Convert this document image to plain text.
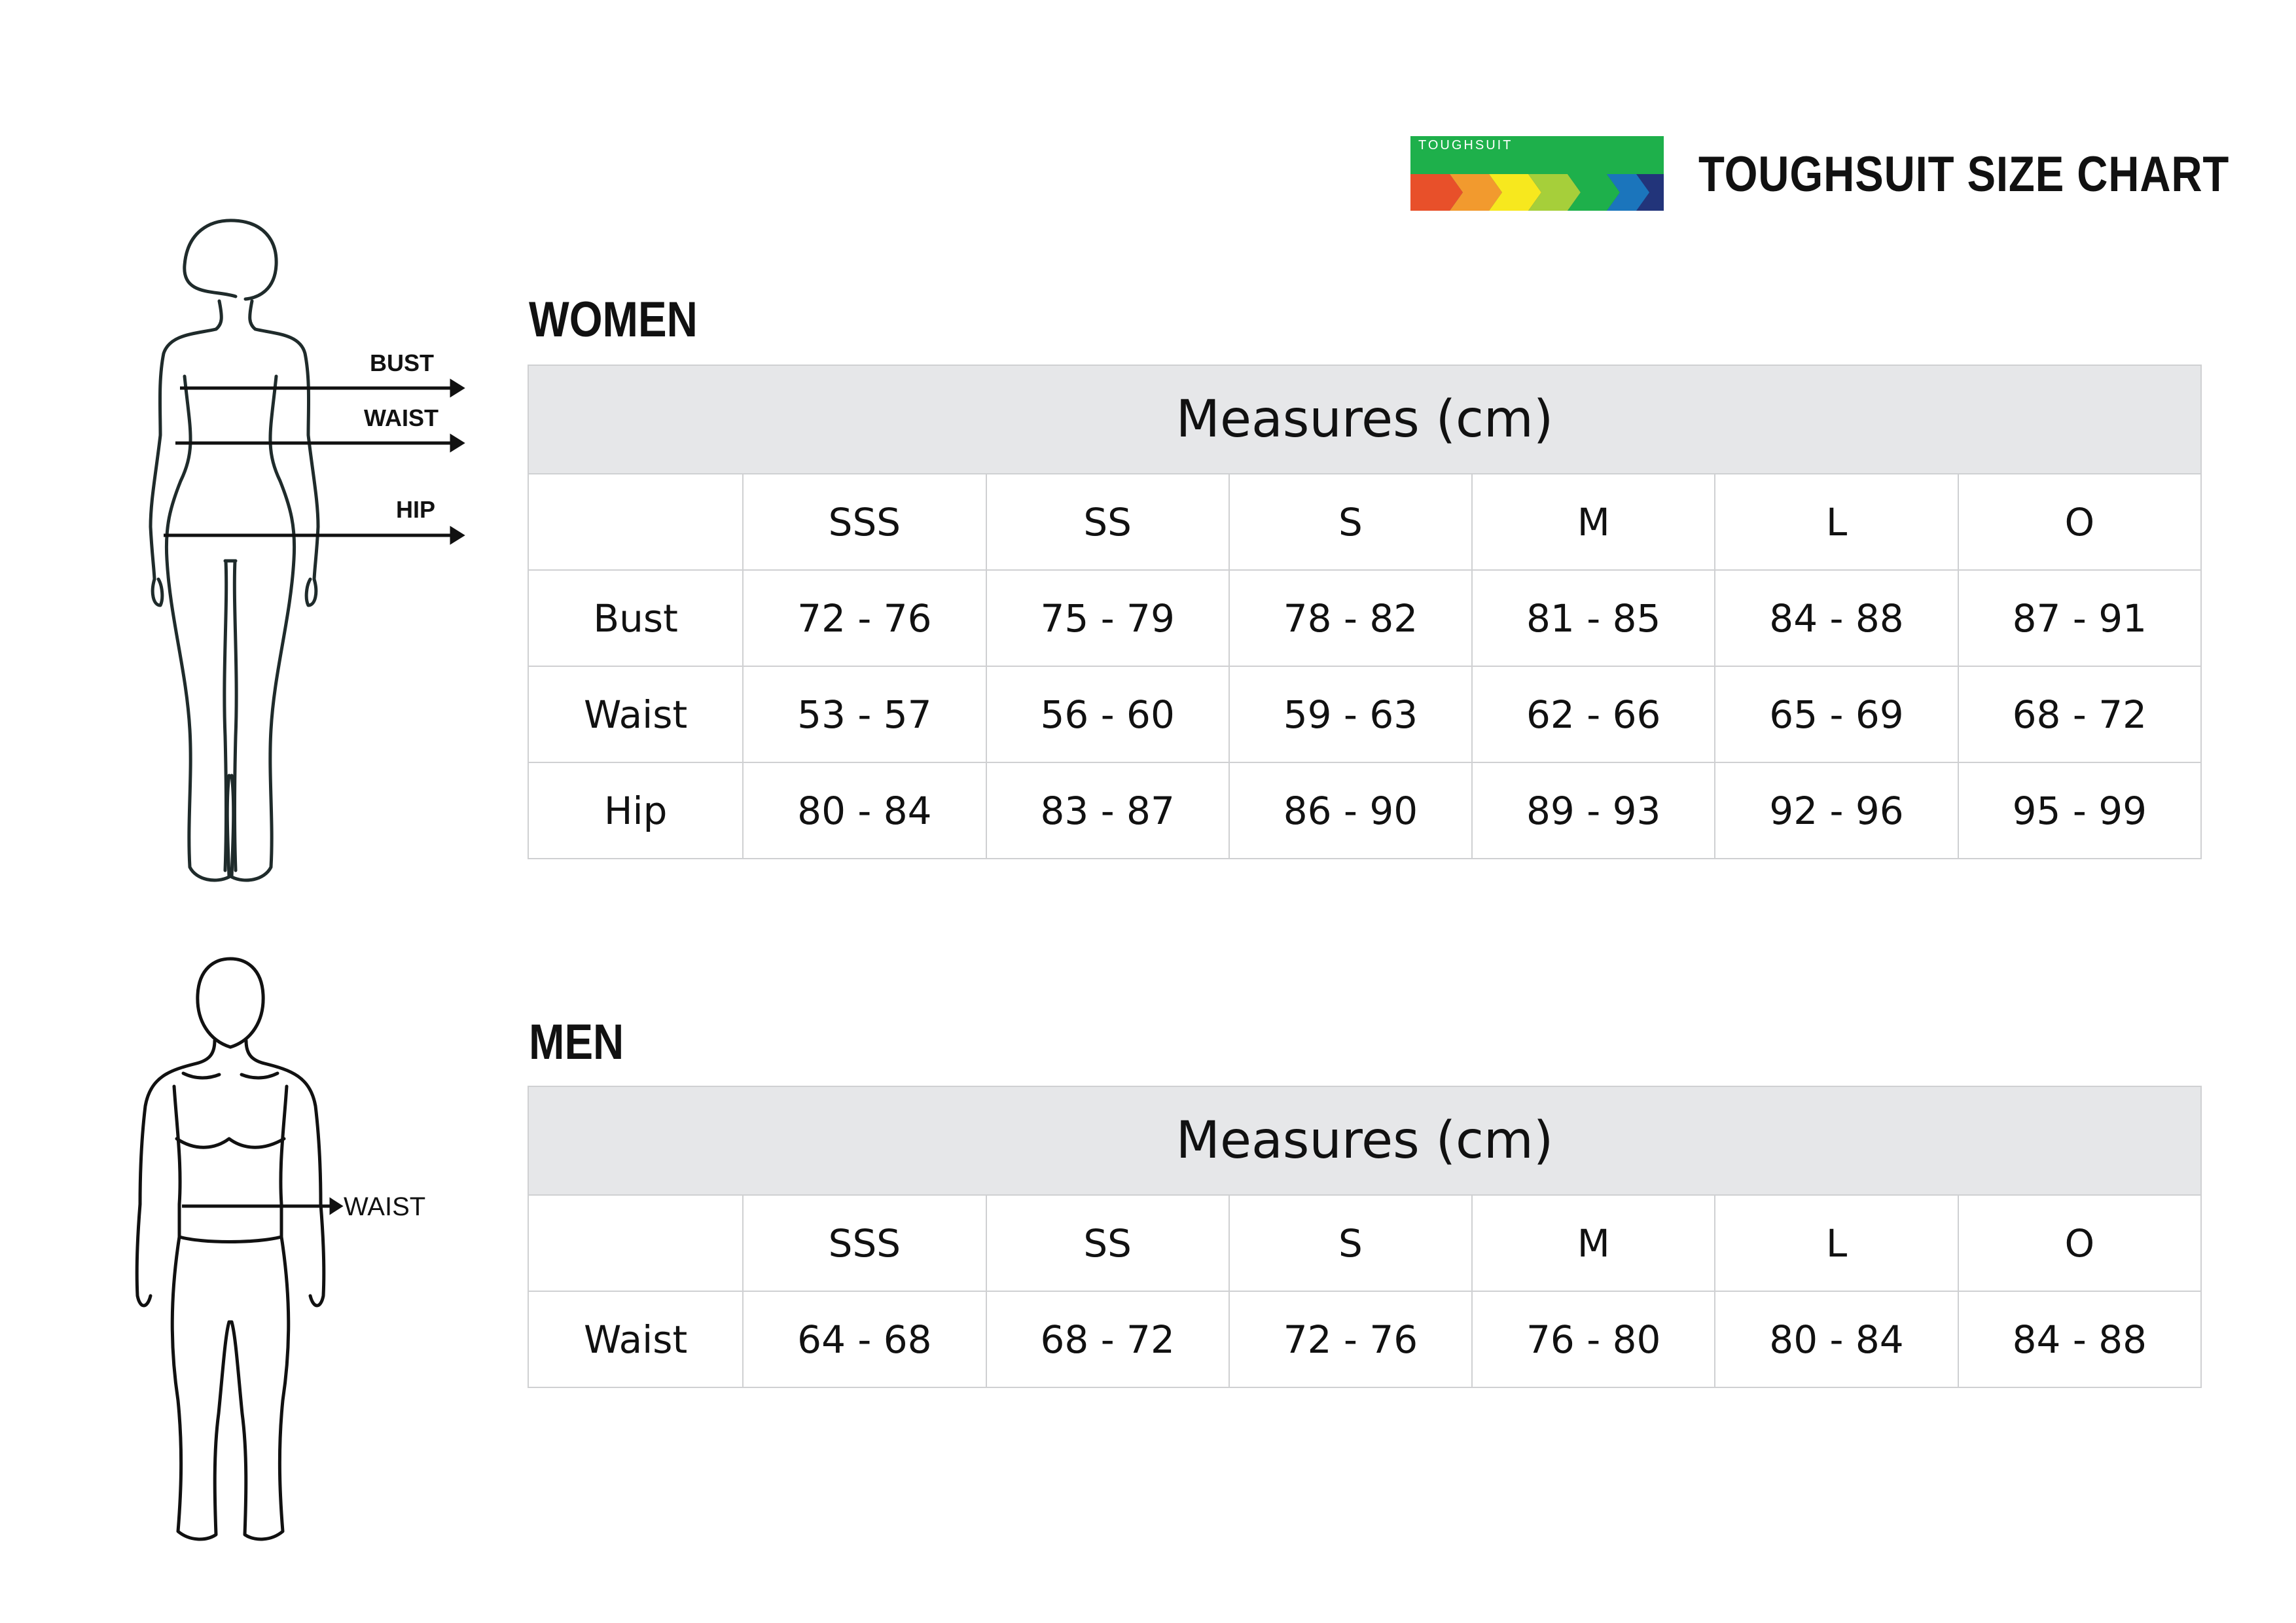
TOUGHSUIT
TOUGHSUIT SIZE CHART
WOMEN
Measures (cm)						
	SSS	SS	S	M	L	O
Bust	72 - 76	75 - 79	78 - 82	81 - 85	84 - 88	87 - 91
Waist	53 - 57	56 - 60	59 - 63	62 - 66	65 - 69	68 - 72
Hip	80 - 84	83 - 87	86 - 90	89 - 93	92 - 96	95 - 99
MEN
Measures (cm)						
	SSS	SS	S	M	L	O
Waist	64 - 68	68 - 72	72 - 76	76 - 80	80 - 84	84 - 88
BUST
WAIST
HIP
WAIST
